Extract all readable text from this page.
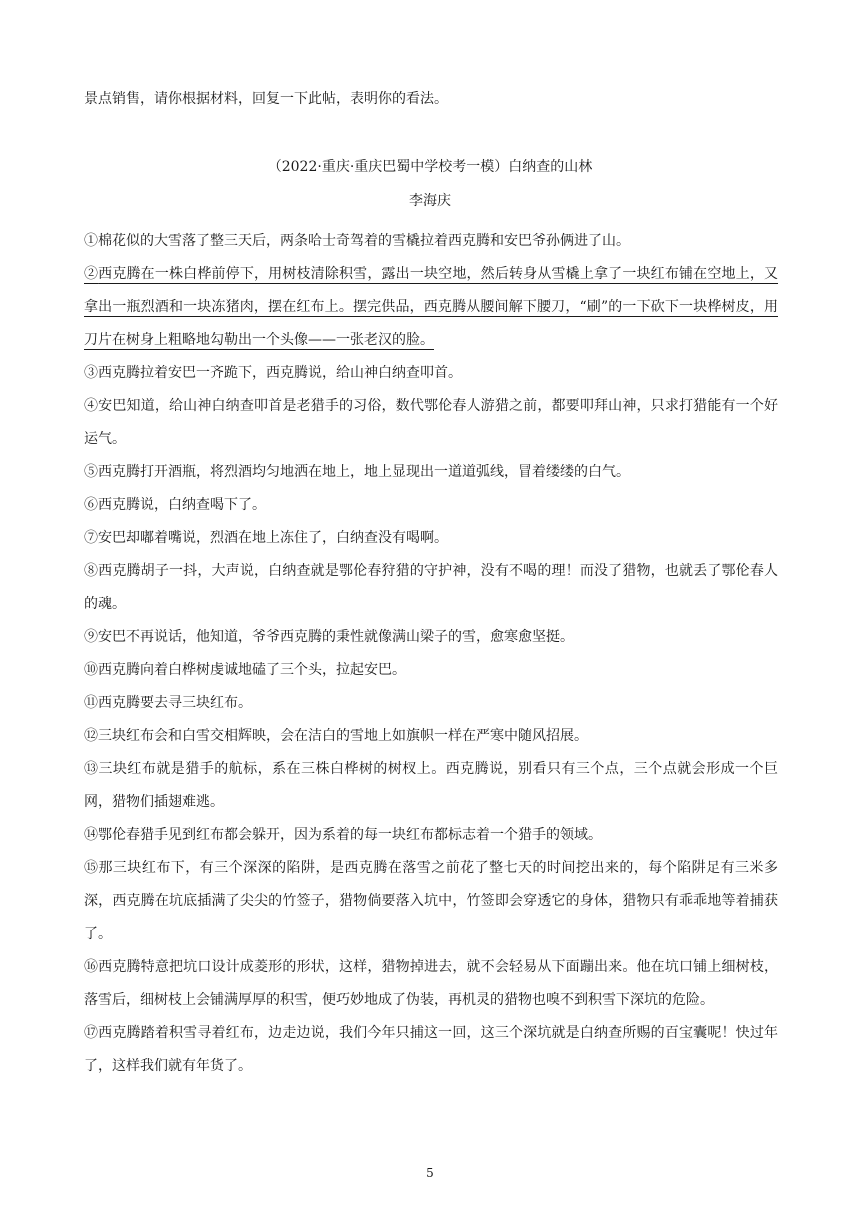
景点销售，请你根据材料，回复一下此帖，表明你的看法。
（2022·重庆·重庆巴蜀中学校考一模）白纳查的山林
李海庆

①棉花似的大雪落了整三天后，两条哈士奇驾着的雪橇拉着西克腾和安巴爷孙俩进了山。

②西克腾在一株白桦前停下，用树枝清除积雪，露出一块空地，然后转身从雪橇上拿了一块红布铺在空地上，又拿出一瓶烈酒和一块冻猪肉，摆在红布上。摆完供品，西克腾从腰间解下腰刀，“刷”的一下砍下一块桦树皮，用刀片在树身上粗略地勾勒出一个头像——一张老汉的脸。

③西克腾拉着安巴一齐跪下，西克腾说，给山神白纳查叩首。

④安巴知道，给山神白纳查叩首是老猎手的习俗，数代鄂伦春人游猎之前，都要叩拜山神，只求打猎能有一个好运气。

⑤西克腾打开酒瓶，将烈酒均匀地洒在地上，地上显现出一道道弧线，冒着缕缕的白气。

⑥西克腾说，白纳查喝下了。

⑦安巴却嘟着嘴说，烈酒在地上冻住了，白纳查没有喝啊。

⑧西克腾胡子一抖，大声说，白纳查就是鄂伦春狩猎的守护神，没有不喝的理！而没了猎物，也就丢了鄂伦春人的魂。

⑨安巴不再说话，他知道，爷爷西克腾的秉性就像满山梁子的雪，愈寒愈坚挺。

⑩西克腾向着白桦树虔诚地磕了三个头，拉起安巴。

⑪西克腾要去寻三块红布。

⑫三块红布会和白雪交相辉映，会在洁白的雪地上如旗帜一样在严寒中随风招展。

⑬三块红布就是猎手的航标，系在三株白桦树的树杈上。西克腾说，别看只有三个点，三个点就会形成一个巨网，猎物们插翅难逃。

⑭鄂伦春猎手见到红布都会躲开，因为系着的每一块红布都标志着一个猎手的领域。

⑮那三块红布下，有三个深深的陷阱，是西克腾在落雪之前花了整七天的时间挖出来的，每个陷阱足有三米多深，西克腾在坑底插满了尖尖的竹签子，猎物倘要落入坑中，竹签即会穿透它的身体，猎物只有乖乖地等着捕获了。

⑯西克腾特意把坑口设计成菱形的形状，这样，猎物掉进去，就不会轻易从下面蹦出来。他在坑口铺上细树枝，落雪后，细树枝上会铺满厚厚的积雪，便巧妙地成了伪装，再机灵的猎物也嗅不到积雪下深坑的危险。

⑰西克腾踏着积雪寻着红布，边走边说，我们今年只捕这一回，这三个深坑就是白纳查所赐的百宝囊呢！快过年了，这样我们就有年货了。

5
